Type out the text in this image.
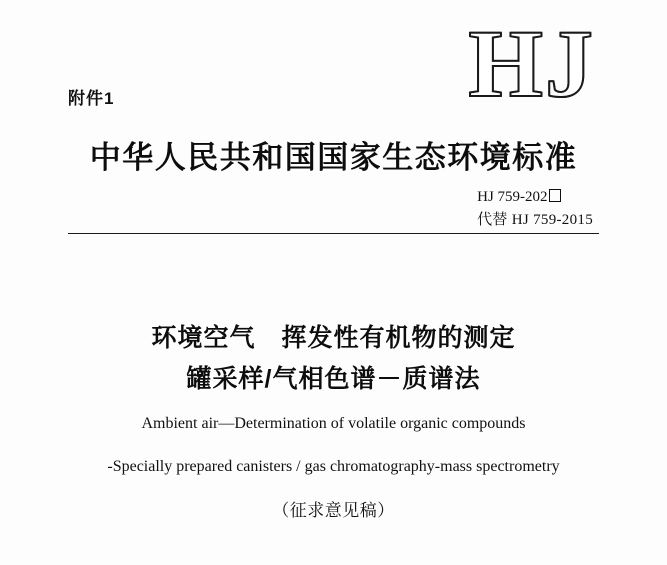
附件1	HJ
中华人民共和国国家生态环境标准
HJ 759-202
代替 HJ 759-2015
环境空气 挥发性有机物的测定
罐采样/气相色谱－质谱法
Ambient air—Determination of volatile organic compounds
-Specially prepared canisters / gas chromatography-mass spectrometry
（征求意见稿）
